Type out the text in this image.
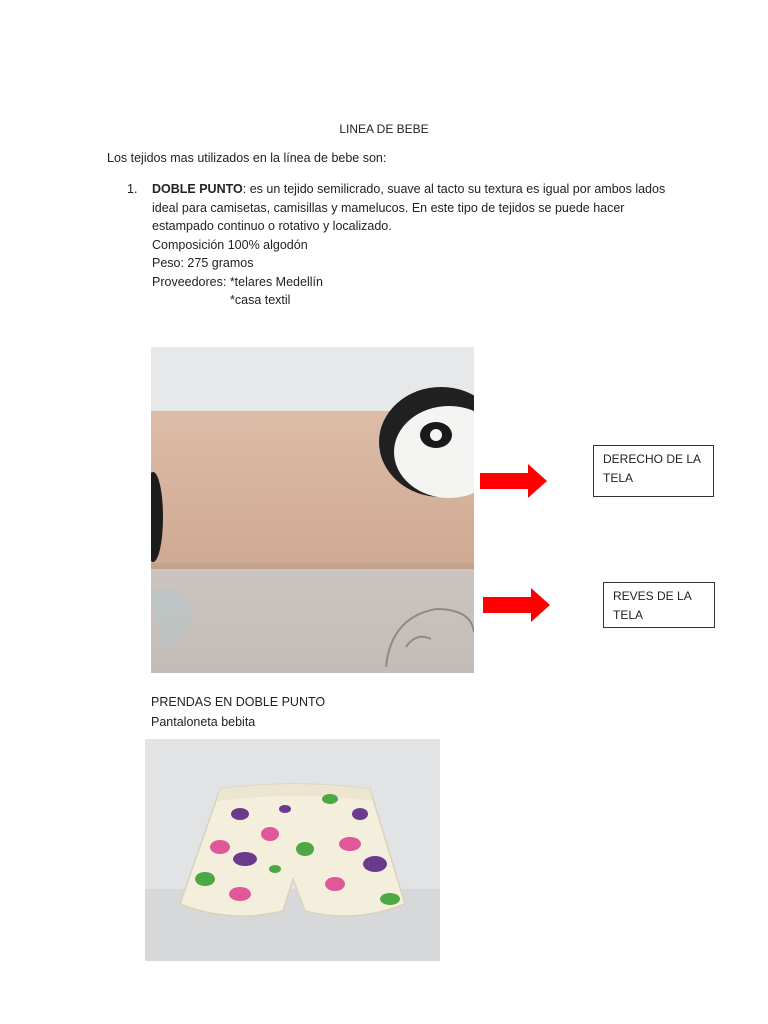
LINEA DE BEBE
Los tejidos mas utilizados en la línea de bebe son:
1. DOBLE PUNTO: es un tejido semilicrado, suave al tacto su textura es igual por ambos lados ideal para camisetas, camisillas y mamelucos. En este tipo de tejidos se puede hacer estampado continuo o rotativo y localizado.
Composición 100% algodón
Peso: 275 gramos
Proveedores: *telares Medellín
*casa textil
DERECHO DE LA TELA
REVES DE LA TELA
PRENDAS EN DOBLE PUNTO
Pantaloneta bebita
